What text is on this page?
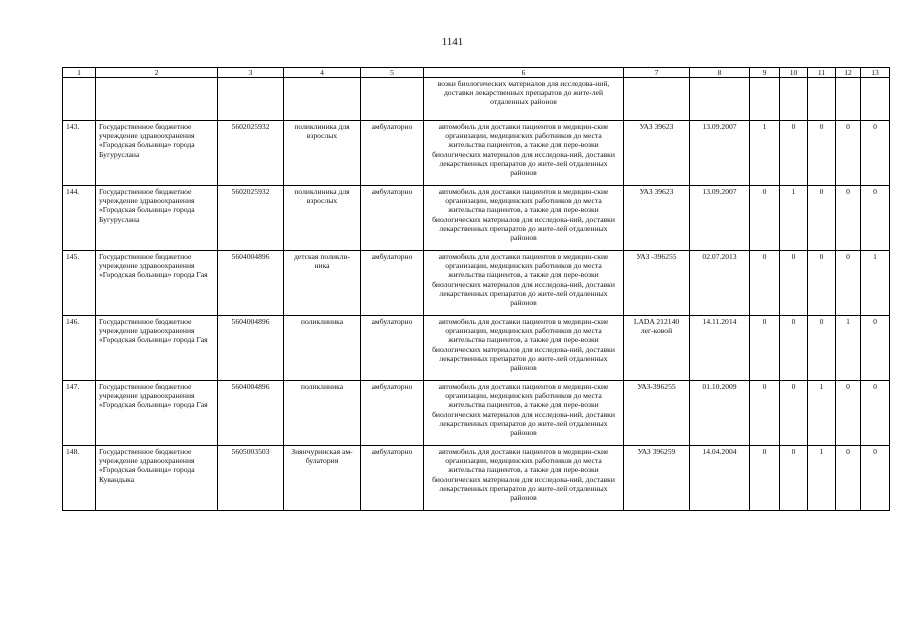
1141
1	2	3	4	5	6	7	8	9	10	11	12	13
					возки биологических материалов для исследова-ний, доставки лекарственных препаратов до жите-лей отдаленных районов							
143.	Государственное бюджетное учреждение здравоохранения «Городская больница» города Бугуруслана	5602025932	поликлиника для взрослых	амбулаторно	автомобиль для доставки пациентов в медицин-ские организации, медицинских работников до места жительства пациентов, а также для пере-возки биологических материалов для исследова-ний, доставки лекарственных препаратов до жите-лей отдаленных районов	УАЗ 39623	13.09.2007	1	0	0	0	0
144.	Государственное бюджетное учреждение здравоохранения «Городская больница» города Бугуруслана	5602025932	поликлиника для взрослых	амбулаторно	автомобиль для доставки пациентов в медицин-ские организации, медицинских работников до места жительства пациентов, а также для пере-возки биологических материалов для исследова-ний, доставки лекарственных препаратов до жите-лей отдаленных районов	УАЗ 39623	13.09.2007	0	1	0	0	0
145.	Государственное бюджетное учреждение здравоохранения «Городская больница» города Гая	5604004896	детская поликли-ника	амбулаторно	автомобиль для доставки пациентов в медицин-ские организации, медицинских работников до места жительства пациентов, а также для пере-возки биологических материалов для исследова-ний, доставки лекарственных препаратов до жите-лей отдаленных районов	УАЗ -396255	02.07.2013	0	0	0	0	1
146.	Государственное бюджетное учреждение здравоохранения «Городская больница» города Гая	5604004896	поликлиника	амбулаторно	автомобиль для доставки пациентов в медицин-ские организации, медицинских работников до места жительства пациентов, а также для пере-возки биологических материалов для исследова-ний, доставки лекарственных препаратов до жите-лей отдаленных районов	LADA 212140 лег-ковой	14.11.2014	0	0	0	1	0
147.	Государственное бюджетное учреждение здравоохранения «Городская больница» города Гая	5604004896	поликлиника	амбулаторно	автомобиль для доставки пациентов в медицин-ские организации, медицинских работников до места жительства пациентов, а также для пере-возки биологических материалов для исследова-ний, доставки лекарственных препаратов до жите-лей отдаленных районов	УАЗ-396255	01.10.2009	0	0	1	0	0
148.	Государственное бюджетное учреждение здравоохранения «Городская больница» города Кувандыка	5605003503	Зиянчуринская ам-булатория	амбулаторно	автомобиль для доставки пациентов в медицин-ские организации, медицинских работников до места жительства пациентов, а также для пере-возки биологических материалов для исследова-ний, доставки лекарственных препаратов до жите-лей отдаленных районов	УАЗ 396259	14.04.2004	0	0	1	0	0
